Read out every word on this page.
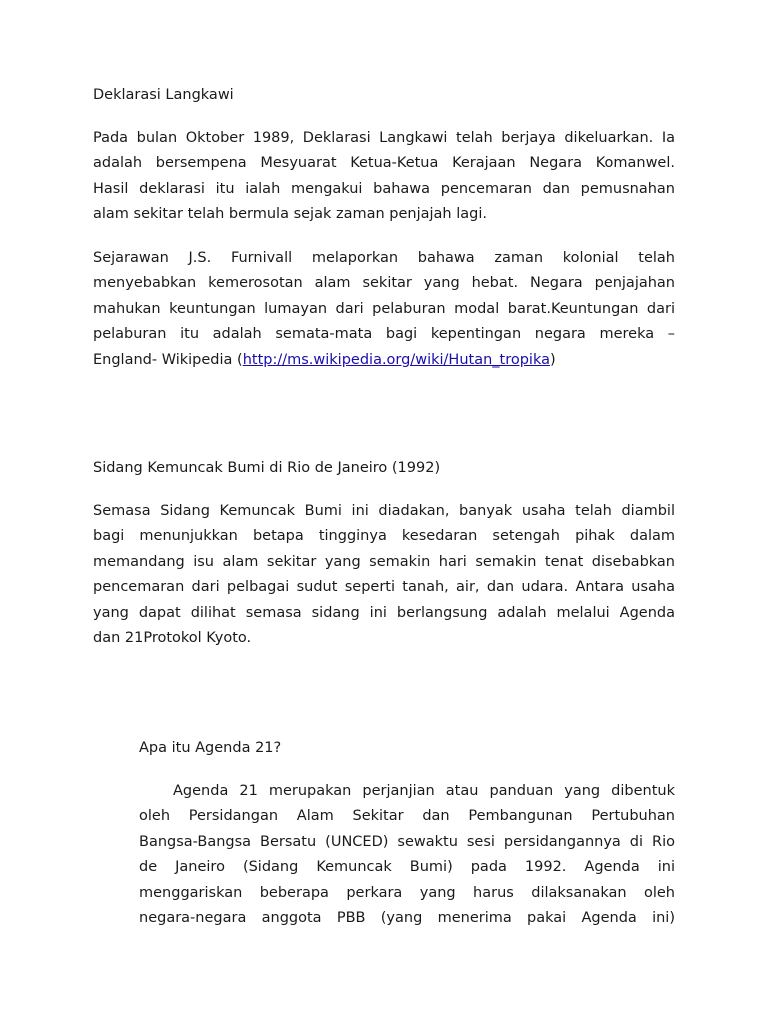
Deklarasi Langkawi
Pada bulan Oktober 1989, Deklarasi Langkawi telah berjaya dikeluarkan. Ia
adalah bersempena Mesyuarat Ketua-Ketua Kerajaan Negara Komanwel.
Hasil deklarasi itu ialah mengakui bahawa pencemaran dan pemusnahan
alam sekitar telah bermula sejak zaman penjajah lagi.
Sejarawan J.S. Furnivall melaporkan bahawa zaman kolonial telah
menyebabkan kemerosotan alam sekitar yang hebat. Negara penjajahan
mahukan keuntungan lumayan dari pelaburan modal barat.Keuntungan dari
pelaburan itu adalah semata-mata bagi kepentingan negara mereka –
England- Wikipedia (http://ms.wikipedia.org/wiki/Hutan_tropika)
Sidang Kemuncak Bumi di Rio de Janeiro (1992)
Semasa Sidang Kemuncak Bumi ini diadakan, banyak usaha telah diambil
bagi menunjukkan betapa tingginya kesedaran setengah pihak dalam
memandang isu alam sekitar yang semakin hari semakin tenat disebabkan
pencemaran dari pelbagai sudut seperti tanah, air, dan udara. Antara usaha
yang dapat dilihat semasa sidang ini berlangsung adalah melalui Agenda
dan 21Protokol Kyoto.
Apa itu Agenda 21?
Agenda 21 merupakan perjanjian atau panduan yang dibentuk
oleh Persidangan Alam Sekitar dan Pembangunan Pertubuhan
Bangsa-Bangsa Bersatu (UNCED) sewaktu sesi persidangannya di Rio
de Janeiro (Sidang Kemuncak Bumi) pada 1992. Agenda ini
menggariskan beberapa perkara yang harus dilaksanakan oleh
negara-negara anggota PBB (yang menerima pakai Agenda ini)
